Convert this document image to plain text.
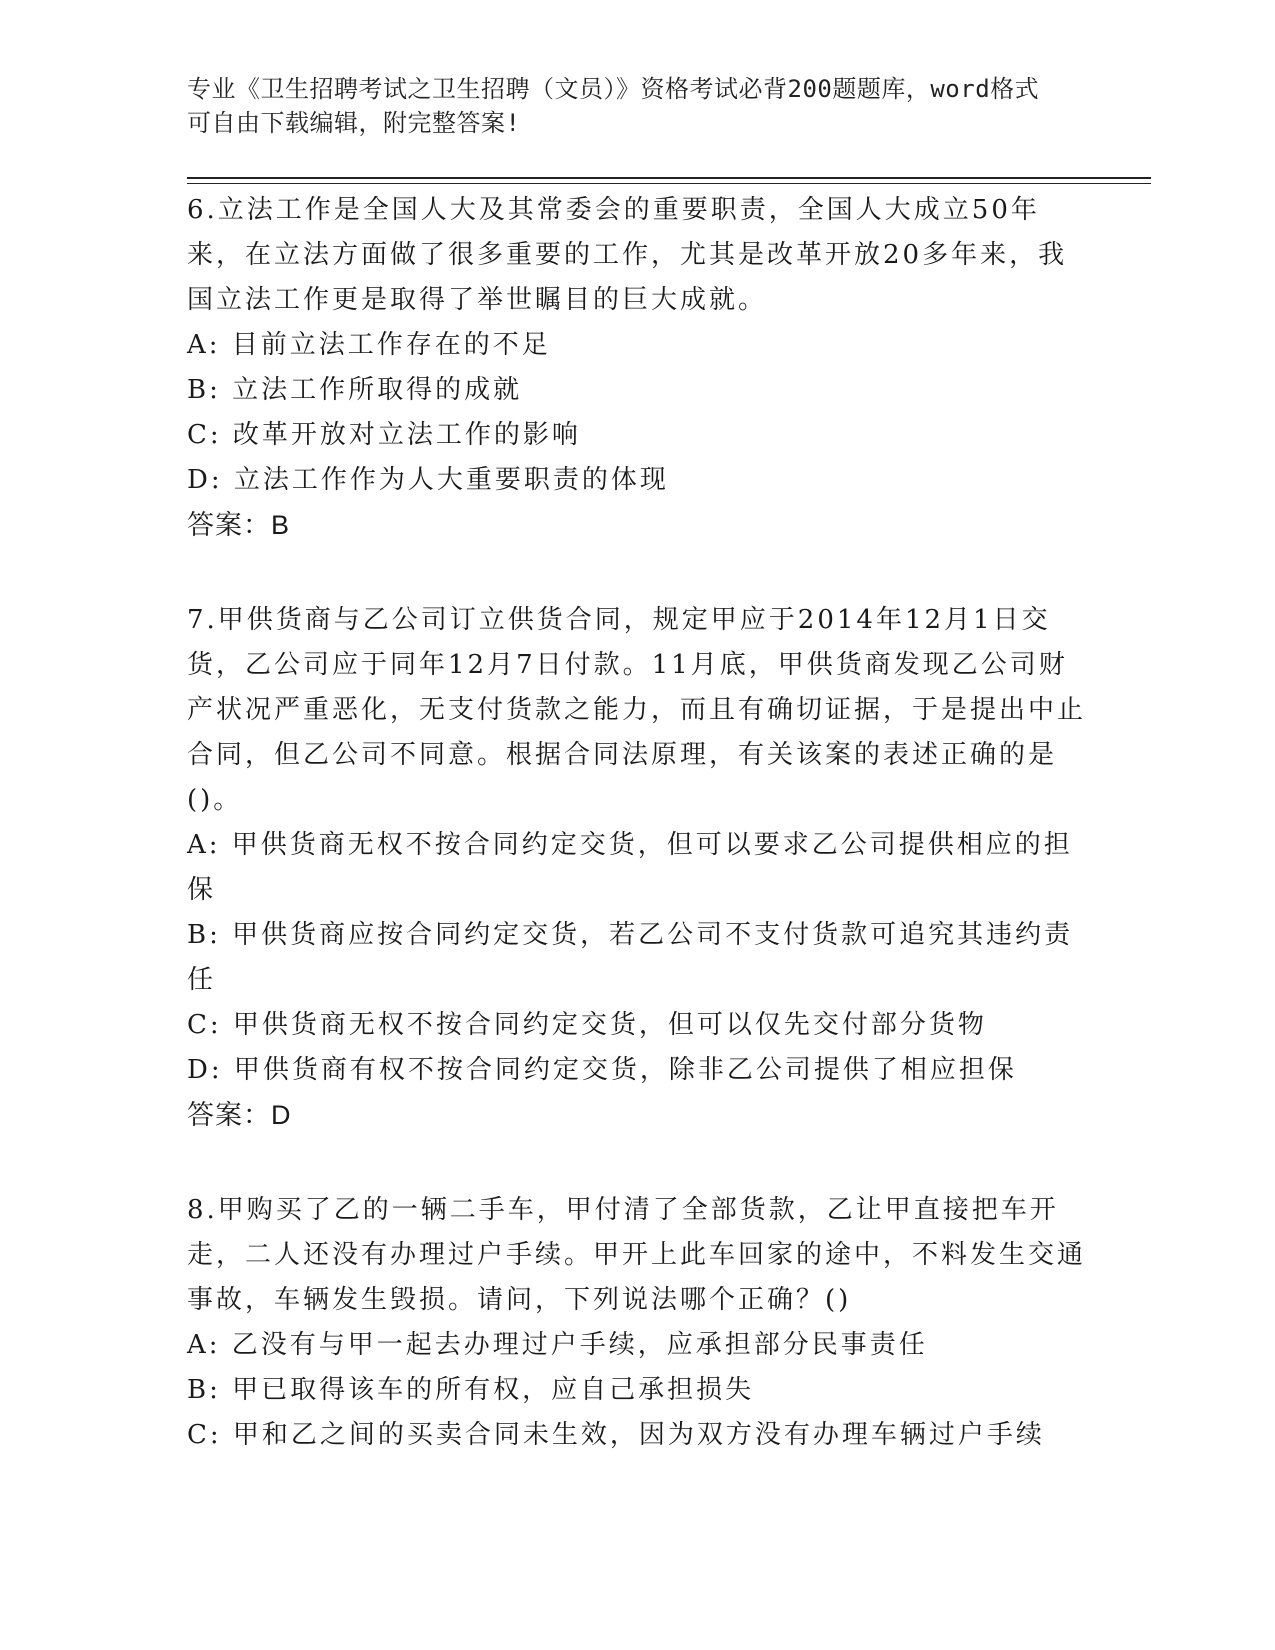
专业《卫生招聘考试之卫生招聘（文员）》资格考试必背200题题库，word格式
可自由下载编辑，附完整答案!

6.立法工作是全国人大及其常委会的重要职责，全国人大成立50年来，在立法方面做了很多重要的工作，尤其是改革开放20多年来，我国立法工作更是取得了举世瞩目的巨大成就。

A: 目前立法工作存在的不足

B: 立法工作所取得的成就

C: 改革开放对立法工作的影响

D: 立法工作作为人大重要职责的体现

答案：B

7.甲供货商与乙公司订立供货合同，规定甲应于2014年12月1日交货，乙公司应于同年12月7日付款。11月底，甲供货商发现乙公司财产状况严重恶化，无支付货款之能力，而且有确切证据，于是提出中止合同，但乙公司不同意。根据合同法原理，有关该案的表述正确的是()。

A: 甲供货商无权不按合同约定交货，但可以要求乙公司提供相应的担保

B: 甲供货商应按合同约定交货，若乙公司不支付货款可追究其违约责任

C: 甲供货商无权不按合同约定交货，但可以仅先交付部分货物

D: 甲供货商有权不按合同约定交货，除非乙公司提供了相应担保

答案：D

8.甲购买了乙的一辆二手车，甲付清了全部货款，乙让甲直接把车开走，二人还没有办理过户手续。甲开上此车回家的途中，不料发生交通事故，车辆发生毁损。请问，下列说法哪个正确？()

A: 乙没有与甲一起去办理过户手续，应承担部分民事责任

B: 甲已取得该车的所有权，应自己承担损失

C: 甲和乙之间的买卖合同未生效，因为双方没有办理车辆过户手续
